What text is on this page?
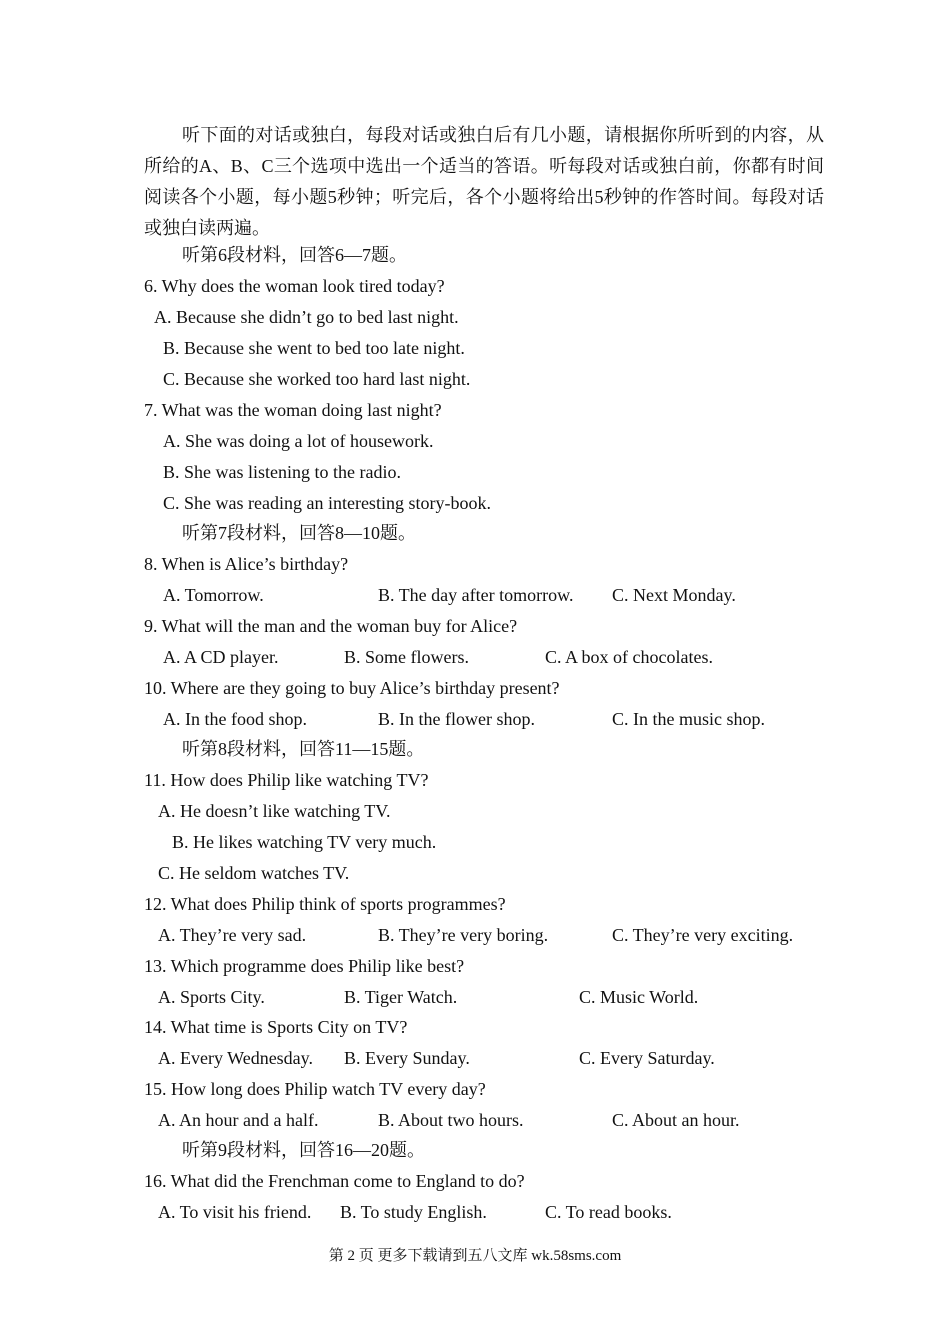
听下面的对话或独白，每段对话或独白后有几小题，请根据你所听到的内容，从所给的A、B、C三个选项中选出一个适当的答语。听每段对话或独白前，你都有时间阅读各个小题，每小题5秒钟；听完后，各个小题将给出5秒钟的作答时间。每段对话或独白读两遍。
听第6段材料，回答6—7题。
6. Why does the woman look tired today?
A. Because she didn’t go to bed last night.
B. Because she went to bed too late night.
C. Because she worked too hard last night.
7. What was the woman doing last night?
A. She was doing a lot of housework.
B. She was listening to the radio.
C. She was reading an interesting story-book.
听第7段材料，回答8—10题。
8. When is Alice’s birthday?
A. Tomorrow.	B. The day after tomorrow. C. Next Monday.
9. What will the man and the woman buy for Alice?
A. A CD player.	B. Some flowers.	C. A box of chocolates.
10. Where are they going to buy Alice’s birthday present?
A. In the food shop.	B. In the flower shop.	C. In the music shop.
听第8段材料，回答11—15题。
11. How does Philip like watching TV?
A. He doesn’t like watching TV.
B. He likes watching TV very much.
C. He seldom watches TV.
12. What does Philip think of sports programmes?
A. They’re very sad.	B. They’re very boring.	C. They’re very exciting.
13. Which programme does Philip like best?
A. Sports City.	B. Tiger Watch.	C. Music World.
14. What time is Sports City on TV?
A. Every Wednesday. B. Every Sunday.	C. Every Saturday.
15. How long does Philip watch TV every day?
A. An hour and a half.	B. About two hours.	C. About an hour.
听第9段材料，回答16—20题。
16. What did the Frenchman come to England to do?
A. To visit his friend. B. To study English.	C. To read books.
第 2 页 更多下载请到五八文库 wk.58sms.com
